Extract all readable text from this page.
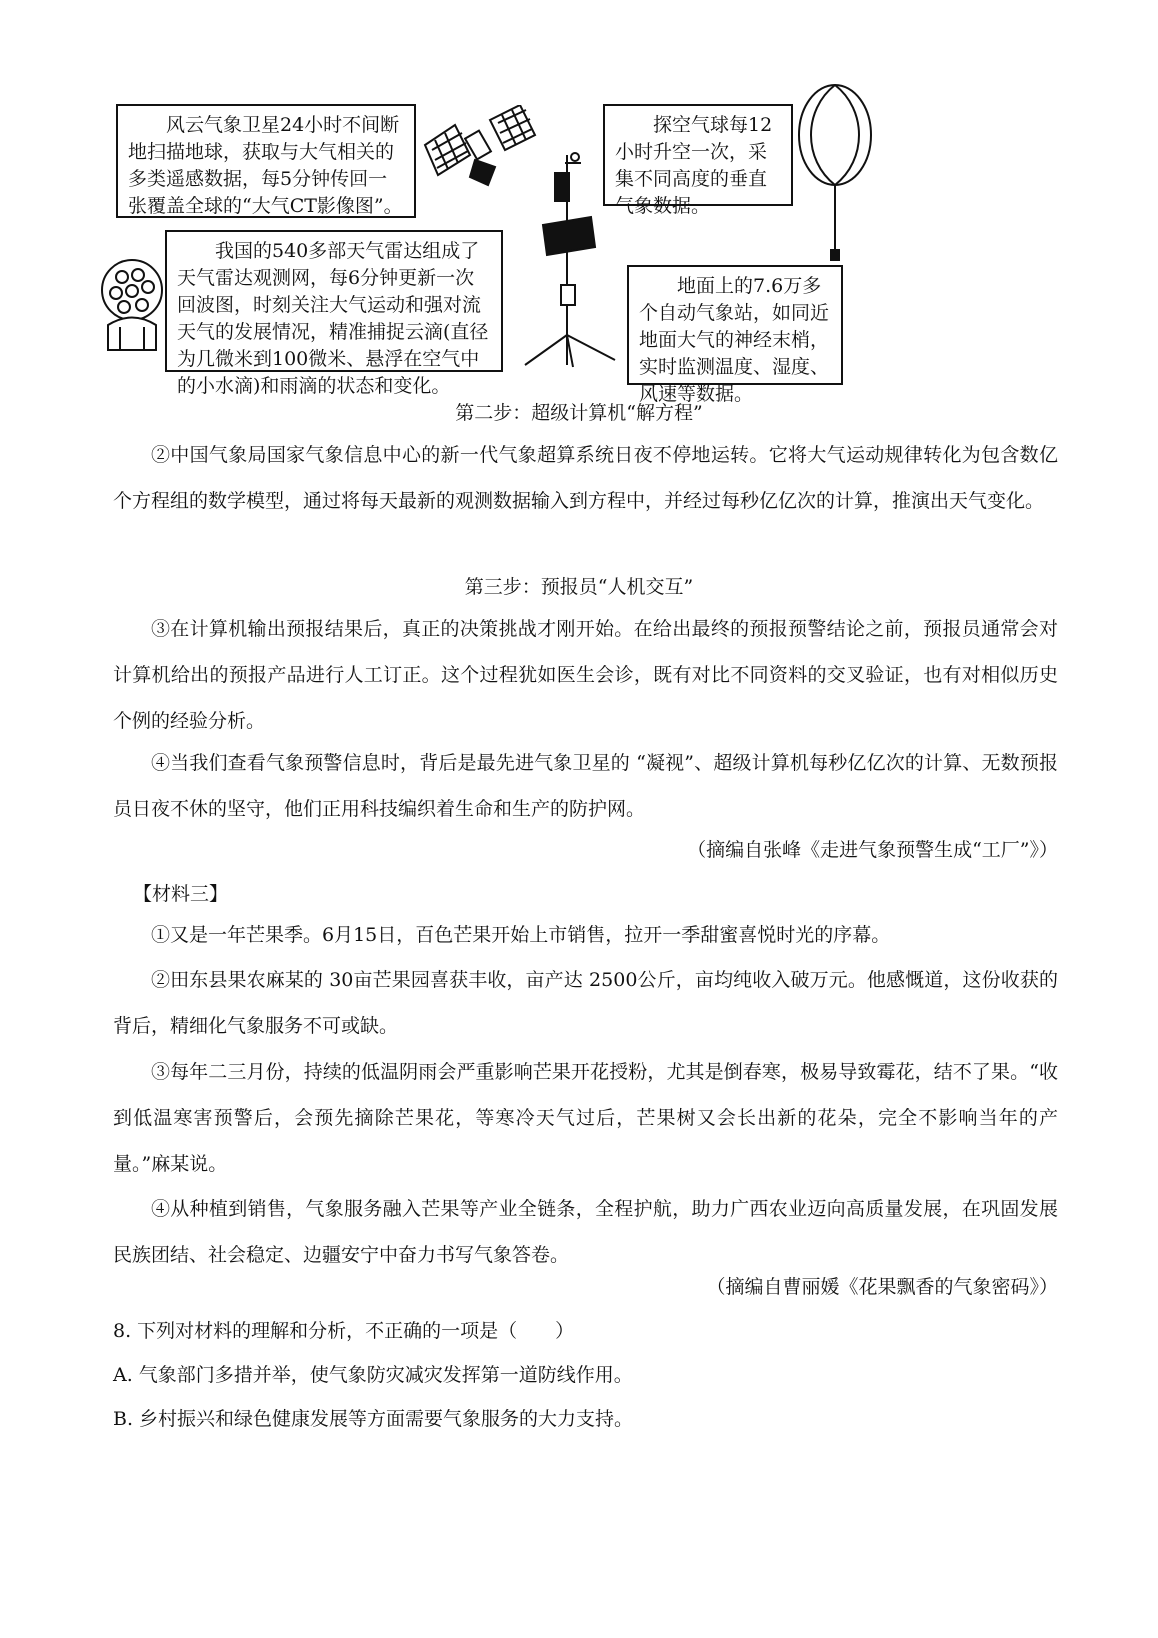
风云气象卫星24小时不间断地扫描地球，获取与大气相关的多类遥感数据，每5分钟传回一张覆盖全球的“大气CT影像图”。
探空气球每12小时升空一次，采集不同高度的垂直气象数据。
我国的540多部天气雷达组成了天气雷达观测网，每6分钟更新一次回波图，时刻关注大气运动和强对流天气的发展情况，精准捕捉云滴(直径为几微米到100微米、悬浮在空气中的小水滴)和雨滴的状态和变化。
地面上的7.6万多个自动气象站，如同近地面大气的神经末梢，实时监测温度、湿度、风速等数据。
第二步：超级计算机“解方程”
②中国气象局国家气象信息中心的新一代气象超算系统日夜不停地运转。它将大气运动规律转化为包含数亿个方程组的数学模型，通过将每天最新的观测数据输入到方程中，并经过每秒亿亿次的计算，推演出天气变化。
第三步：预报员“人机交互”
③在计算机输出预报结果后，真正的决策挑战才刚开始。在给出最终的预报预警结论之前，预报员通常会对计算机给出的预报产品进行人工订正。这个过程犹如医生会诊，既有对比不同资料的交叉验证，也有对相似历史个例的经验分析。
④当我们查看气象预警信息时，背后是最先进气象卫星的 “凝视”、超级计算机每秒亿亿次的计算、无数预报员日夜不休的坚守，他们正用科技编织着生命和生产的防护网。
（摘编自张峰《走进气象预警生成“工厂”》）
【材料三】
①又是一年芒果季。6月15日，百色芒果开始上市销售，拉开一季甜蜜喜悦时光的序幕。
②田东县果农麻某的 30亩芒果园喜获丰收，亩产达 2500公斤，亩均纯收入破万元。他感慨道，这份收获的背后，精细化气象服务不可或缺。
③每年二三月份，持续的低温阴雨会严重影响芒果开花授粉，尤其是倒春寒，极易导致霉花，结不了果。“收到低温寒害预警后，会预先摘除芒果花，等寒冷天气过后，芒果树又会长出新的花朵，完全不影响当年的产量。”麻某说。
④从种植到销售，气象服务融入芒果等产业全链条，全程护航，助力广西农业迈向高质量发展，在巩固发展民族团结、社会稳定、边疆安宁中奋力书写气象答卷。
（摘编自曹丽媛《花果飘香的气象密码》）
8. 下列对材料的理解和分析，不正确的一项是（　　）
A. 气象部门多措并举，使气象防灾减灾发挥第一道防线作用。
B. 乡村振兴和绿色健康发展等方面需要气象服务的大力支持。
